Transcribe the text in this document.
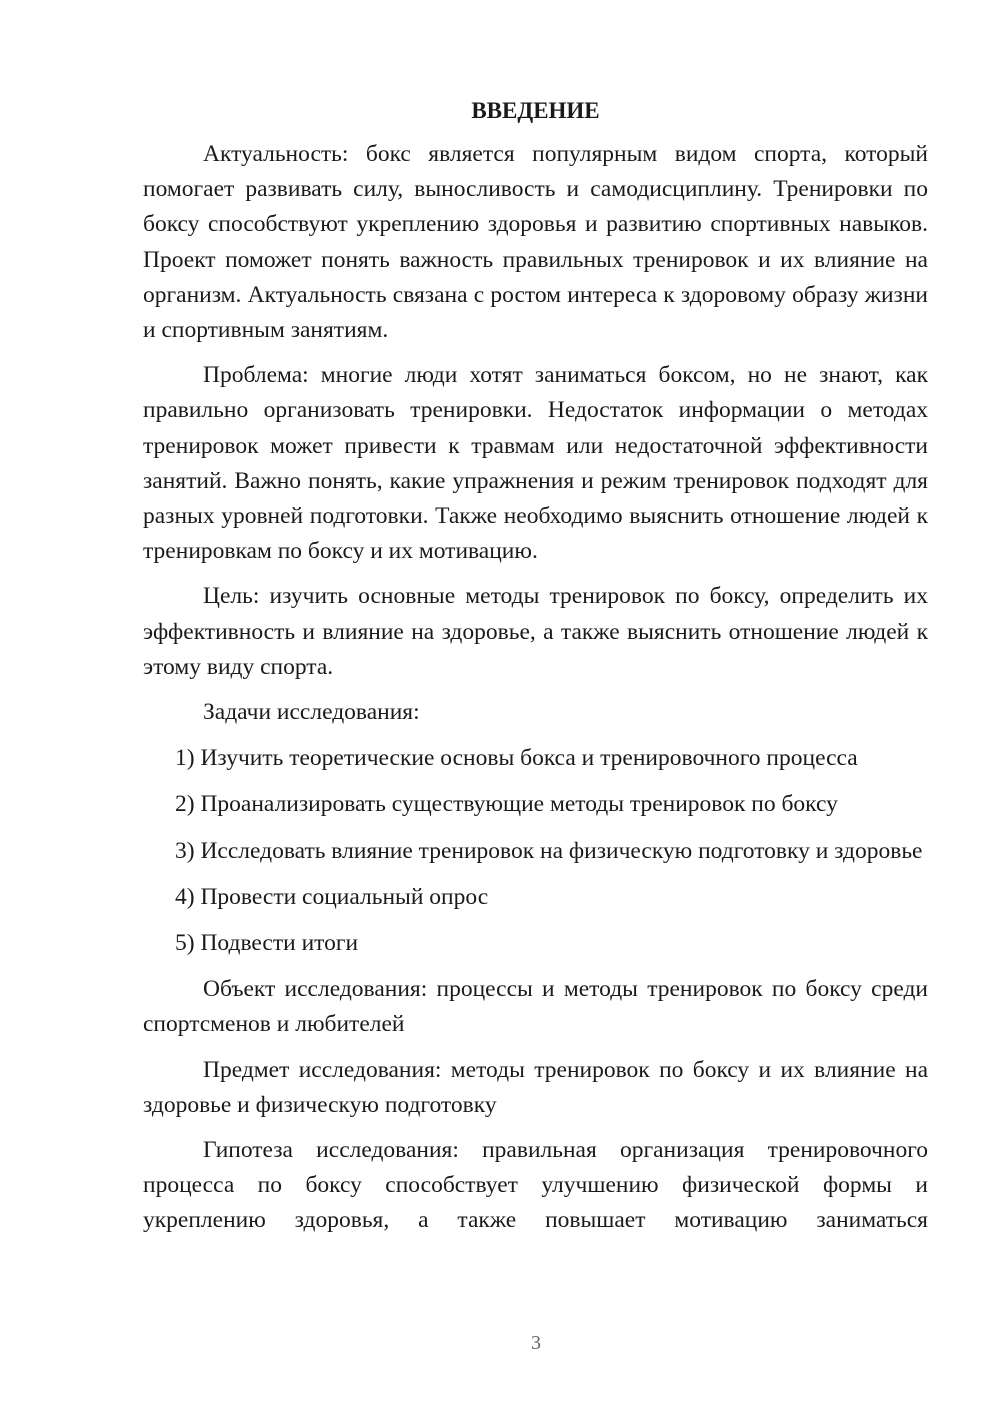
ВВЕДЕНИЕ

Актуальность: бокс является популярным видом спорта, который помогает развивать силу, выносливость и самодисциплину. Тренировки по боксу способствуют укреплению здоровья и развитию спортивных навыков. Проект поможет понять важность правильных тренировок и их влияние на организм. Актуальность связана с ростом интереса к здоровому образу жизни и спортивным занятиям.

Проблема: многие люди хотят заниматься боксом, но не знают, как правильно организовать тренировки. Недостаток информации о методах тренировок может привести к травмам или недостаточной эффективности занятий. Важно понять, какие упражнения и режим тренировок подходят для разных уровней подготовки. Также необходимо выяснить отношение людей к тренировкам по боксу и их мотивацию.

Цель: изучить основные методы тренировок по боксу, определить их эффективность и влияние на здоровье, а также выяснить отношение людей к этому виду спорта.

Задачи исследования:

1) Изучить теоретические основы бокса и тренировочного процесса

2) Проанализировать существующие методы тренировок по боксу

3) Исследовать влияние тренировок на физическую подготовку и здоровье

4) Провести социальный опрос

5) Подвести итоги

Объект исследования: процессы и методы тренировок по боксу среди спортсменов и любителей

Предмет исследования: методы тренировок по боксу и их влияние на здоровье и физическую подготовку

Гипотеза исследования: правильная организация тренировочного процесса по боксу способствует улучшению физической формы и укреплению здоровья, а также повышает мотивацию заниматься

3
